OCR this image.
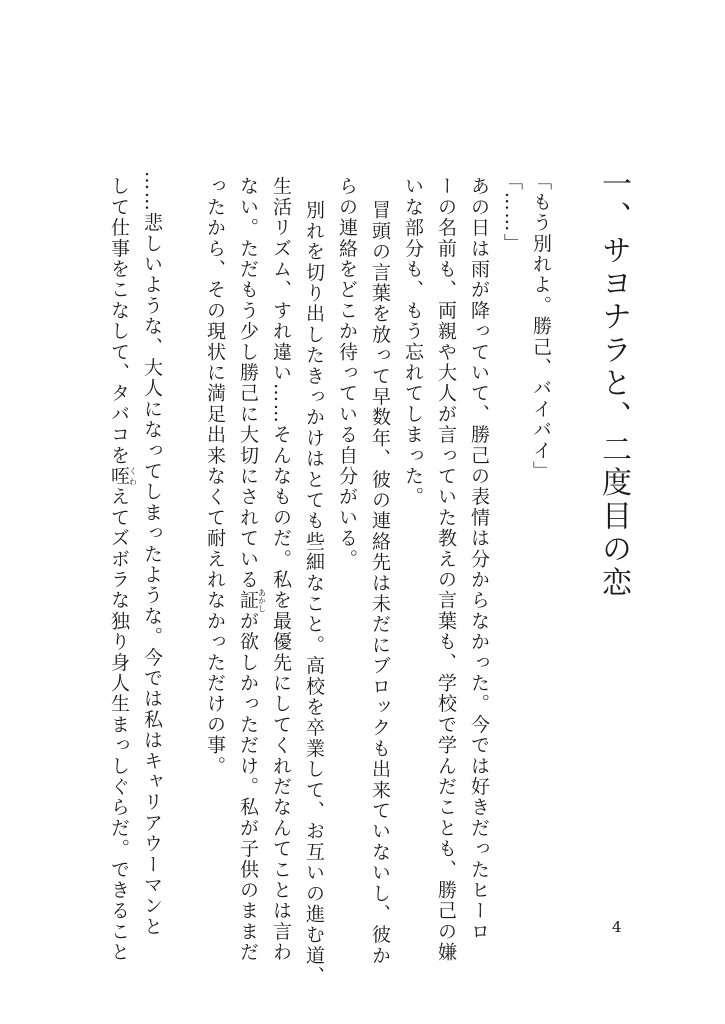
一、サヨナラと、二度目の恋
「もう別れよ。勝己、バイバイ」
「……」
あの日は雨が降っていて、勝己の表情は分からなかった。今では好きだったヒーロ
ーの名前も、両親や大人が言っていた教えの言葉も、学校で学んだことも、勝己の嫌
いな部分も、もう忘れてしまった。
冒頭の言葉を放って早数年、彼の連絡先は未だにブロックも出来ていないし、彼か
らの連絡をどこか待っている自分がいる。
別れを切り出したきっかけはとても些細なこと。高校を卒業して、お互いの進む道、
生活リズム、すれ違い……そんなものだ。私を最優先にしてくれだなんてことは言わ
ない。ただもう少し勝己に大切にされている証あかしが欲しかっただけ。私が子供のままだ
ったから、その現状に満足出来なくて耐えれなかっただけの事。
……悲しいような、大人になってしまったような。今では私はキャリアウーマンと
して仕事をこなして、タバコを咥くわえてズボラな独り身人生まっしぐらだ。できること	4
